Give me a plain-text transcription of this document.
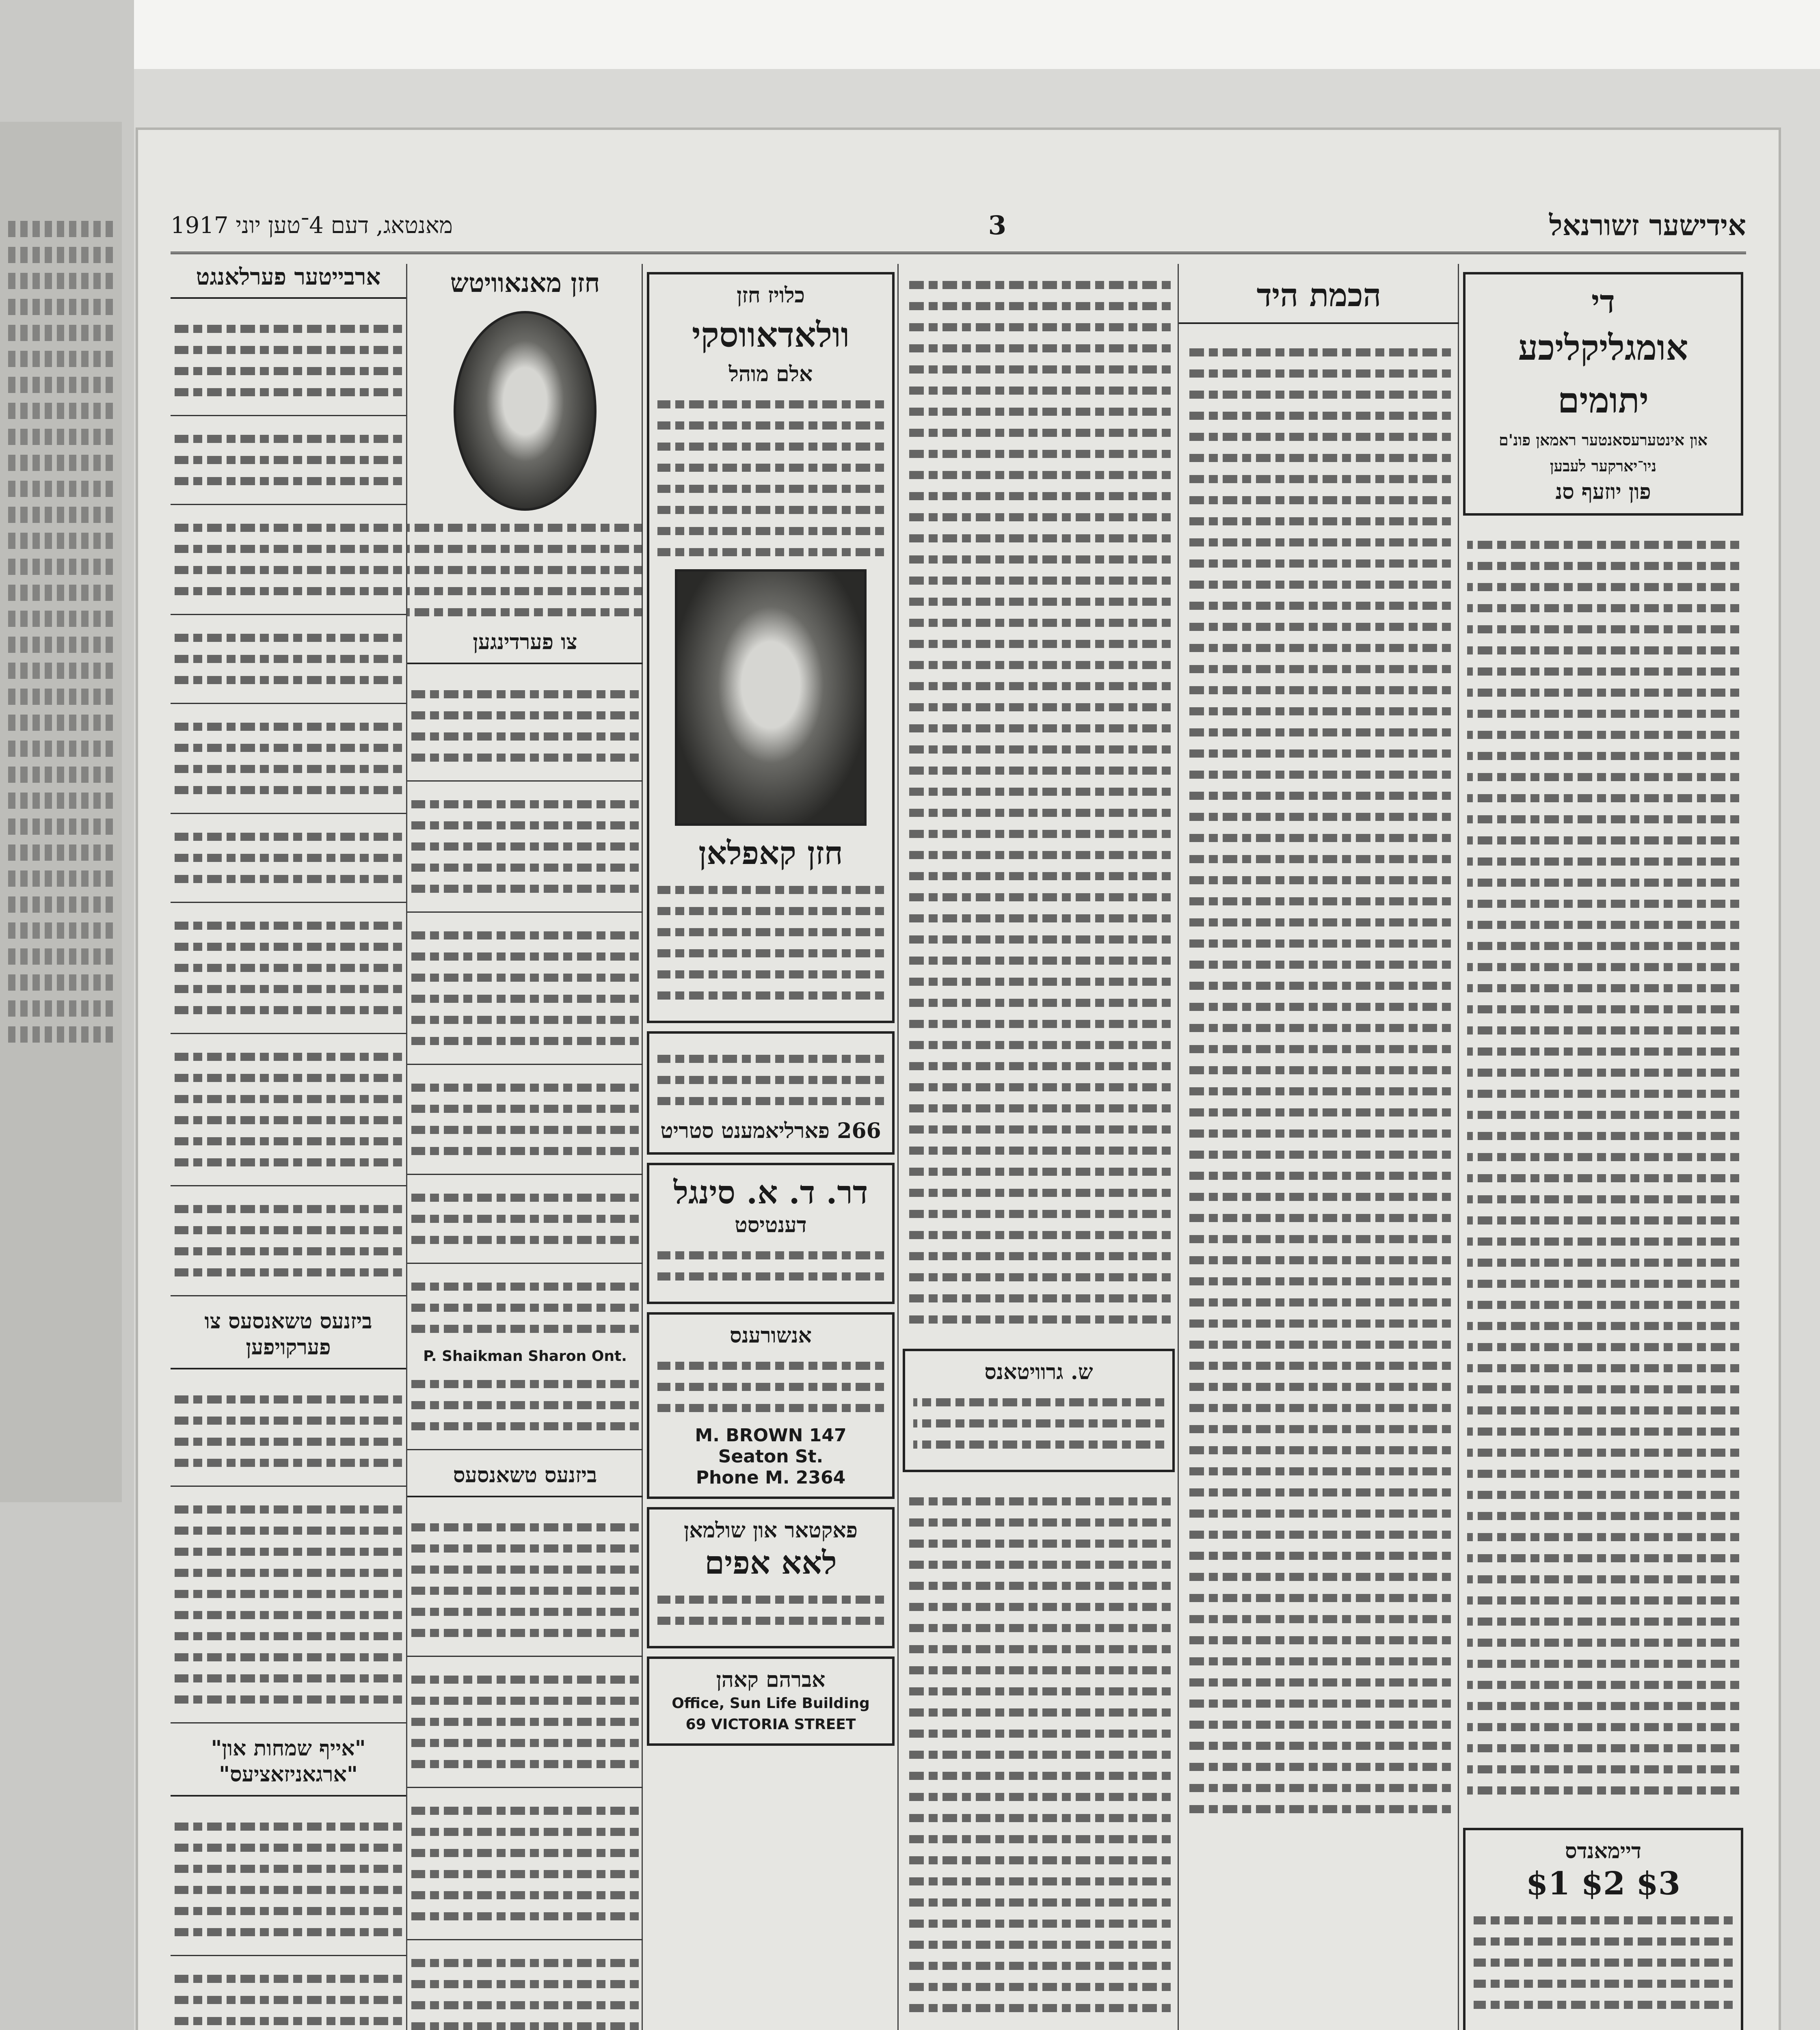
אידישער זשורנאל
3
מאנטאג, דעם 4־טען יוני 1917
די
אומגליקליכע יתומים
און אינטערעסאנטער ראמאן פונ'ם ניו־יארקער לעבען
פון יוזעף סנ
דיימאנדס
$1 $2 $3
הכמת היד
ש. גרוויטאנס
כלויז חזן
וולאדאווסקי
אלם מוהל
חזן קאפלאן
266 פארליאמענט סטריט
דר. ד. א. סינגל
דענטיסט
אנשורענס
M. BROWN 147 Seaton St.
Phone M. 2364
פאקטאר און שולמאן
לאא אפים
אברהם קאהן
Office, Sun Life Building
69 VICTORIA STREET
חזן מאנאוויטש
צו פערדינגען
P. Shaikman Sharon Ont.
ביזנעס טשאנסעס
ארבייטער פערלאנגט
ביזנעס טשאנסעס צו פערקויפען
"אייף שמחות און" "ארגאניזאציעס"
